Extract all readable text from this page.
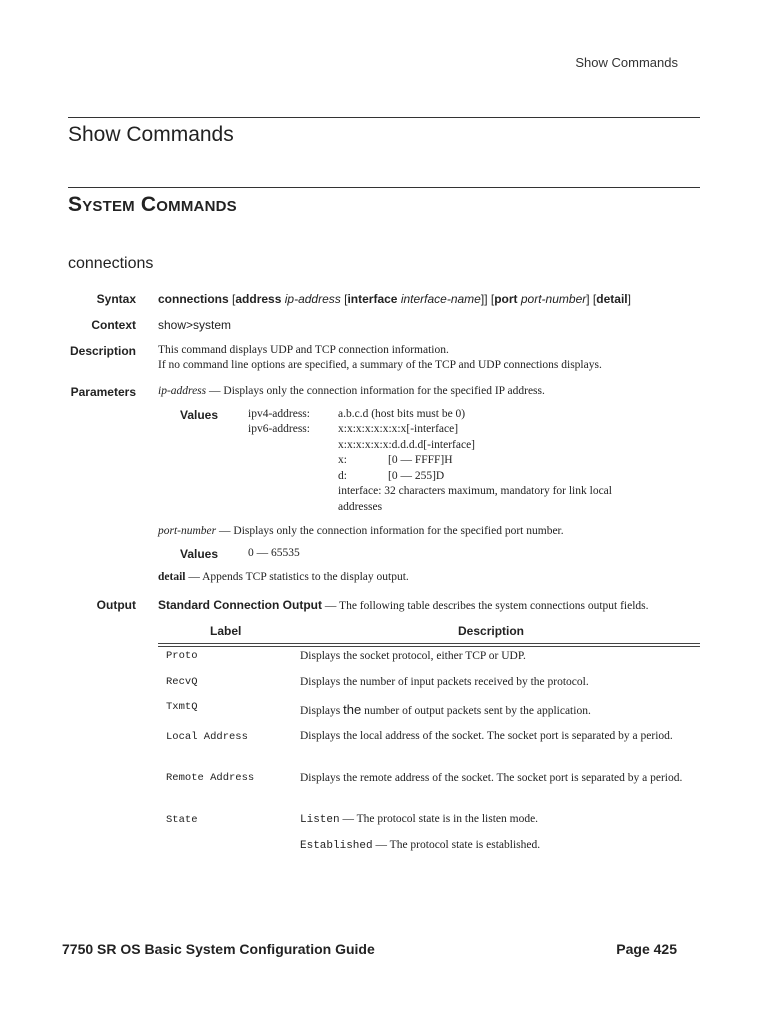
Show Commands
Show Commands
System Commands
connections
Syntax connections [address ip-address [interface interface-name]] [port port-number] [detail]
Context show>system
Description This command displays UDP and TCP connection information.
If no command line options are specified, a summary of the TCP and UDP connections displays.
Parameters ip-address — Displays only the connection information for the specified IP address.
Values	ipv4-address: a.b.c.d (host bits must be 0)
ipv6-address: x:x:x:x:x:x:x:x[-interface]
x:x:x:x:x:x:d.d.d.d[-interface]
x:	[0 — FFFF]H
d:	[0 — 255]D
interface: 32 characters maximum, mandatory for link local
addresses
port-number — Displays only the connection information for the specified port number.
Values	0 — 65535
detail — Appends TCP statistics to the display output.
Output Standard Connection Output — The following table describes the system connections output fields.
Label	Description
Proto	Displays the socket protocol, either TCP or UDP.
RecvQ	Displays the number of input packets received by the protocol.
TxmtQ	Displays the number of output packets sent by the application.
Local Address	Displays the local address of the socket. The socket port is separated by a period.
Remote Address	Displays the remote address of the socket. The socket port is separated by a period.
State	Listen — The protocol state is in the listen mode.
Established — The protocol state is established.
7750 SR OS Basic System Configuration Guide	Page 425
